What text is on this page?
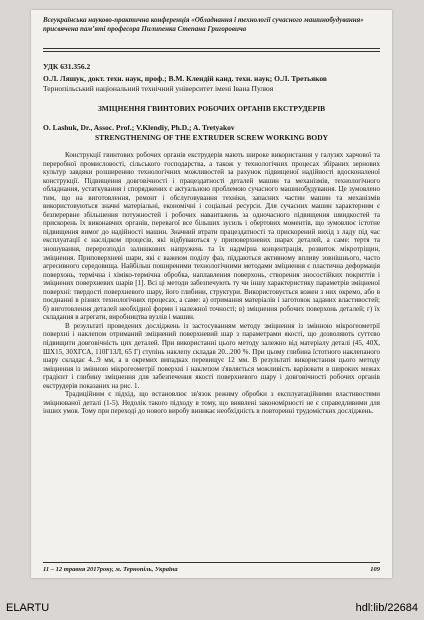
Всеукраїнська науково-практична конференція «Обладнання і технології сучасного машинобудування» присвячена пам’яті професора Пилипенка Степана Григоровича
УДК 631.356.2
О.Л. Ляшук, докт. техн. наук, проф.; В.М. Клендій канд. техн. наук; О.Л. Третьяков
Тернопільський національний технічний університет імені Івана Пулюя
ЗМІЦНЕННЯ ГВИНТОВИХ РОБОЧИХ ОРГАНІВ ЕКСТРУДЕРІВ
O. Lashuk, Dr., Assoc. Prof.; V.Klendiy, Ph.D.; A. Tretyakov
STRENGTHENING OF THE EXTRUDER SCREW WORKING BODY

Конструкції гвинтових робочих органів екструдерів мають широке використання у галузях харчової та переробної промисловості, сільського господарства, а також у технологічних процесах збіраних зернових культур завдяки розширенню технологічних можливостей за рахунок підвищеної надійності вдосконаленої конструкції. Підвищення довговічності і працездатності деталей машин та механізмів, технологічного обладнання, устаткування і споряджених є актуальною проблемою сучасного машинобудування. Це зумовлено тим, що на виготовлення, ремонт і обслуговування техніки, запасних частин машин та механізмів використовуються значні матеріальні, економічні і соціальні ресурси. Для сучасних машин характерним є безперервне збільшення потужностей і робочих навантажень за одночасного підвищення швидкостей та прискорень їх виконавчих органів, перевагої все більших зусиль і обертових моментів, що зумовлює істотне підвищення вимог до надійності машин. Значний втрати працездатності та прискорений вихід з ладу під час експлуатації є наслідком процесів, які відбуваються у приповерхневих шарах деталей, а саме: тертя та зношування, перерозподіл залишкових напружень та їх надмірна концентрація, розвиток мікротріщин, зміцнення. Приповерхневі шари, які є важеюм поділу фаз, піддаються активному впливу зовнішнього, часто агресивного середовища. Найбільш поширеними технологічними методами зміцнення є пластична деформація поверхонь, термічна і хіміко-термічна обробка, наплавлення поверхонь, створення зносостійких покриттів і зміцнених поверхневих шарів [1]. Всі ці методи забезпечують ту чи іншу характеристику параметрів зміцненої поверхні: твердості поверхневого шару, його глибини, структури. Використовується кожен з них окремо, або в поєднанні в різних технологічних процесах, а саме: а) отримання матеріалів і заготовок заданих властивостей; б) виготовлення деталей необхідної форми і належної точності; в) зміцнення робочих поверхонь деталей; г) їх складання в агрегати, виробництва вузлів і машин.

В результаті проведених досліджень із застосуванням методу зміцнення із змінною мікрогеометрії поверхні і наклепом отриманий зміцнений поверхневий шар з параметрами якості, що дозволяють суттєво підвищити довговічність цих деталей. При використанні цього методу залежно від матеріалу деталі (45, 40Х, ШХ15, 30ХГСА, 110Г13Л, 65 Г) ступінь наклепу складав 20...200 %. При цьому глибина їстотного наклепаного шару складає 4...9 мм, а в окремих випадках перевищує 12 мм. В результаті використання цього методу зміцнення із змінною мікрогеометрії поверхні і наклепом з'являється можливість варіювати в широких межах градієнт і глибину зміцнення для забезпечення якості поверхневого шару і довговічності робочих органів екструдерів показаних на рис. 1.

Традиційним є підхід, що встановлює зв'язок режиму обробки з експлуатаційними властивостями зміцнюваної деталі (1-5). Недолік такого підходу в тому, що виявлені закономірності не є справедливими для інших умов. Тому при переході до нового виробу виникає необхідність в повторенні трудомістких досліджень.

11 – 12 травня 2017року, м. Тернопіль, Україна	109
ELARTU	hdl:lib/22684
